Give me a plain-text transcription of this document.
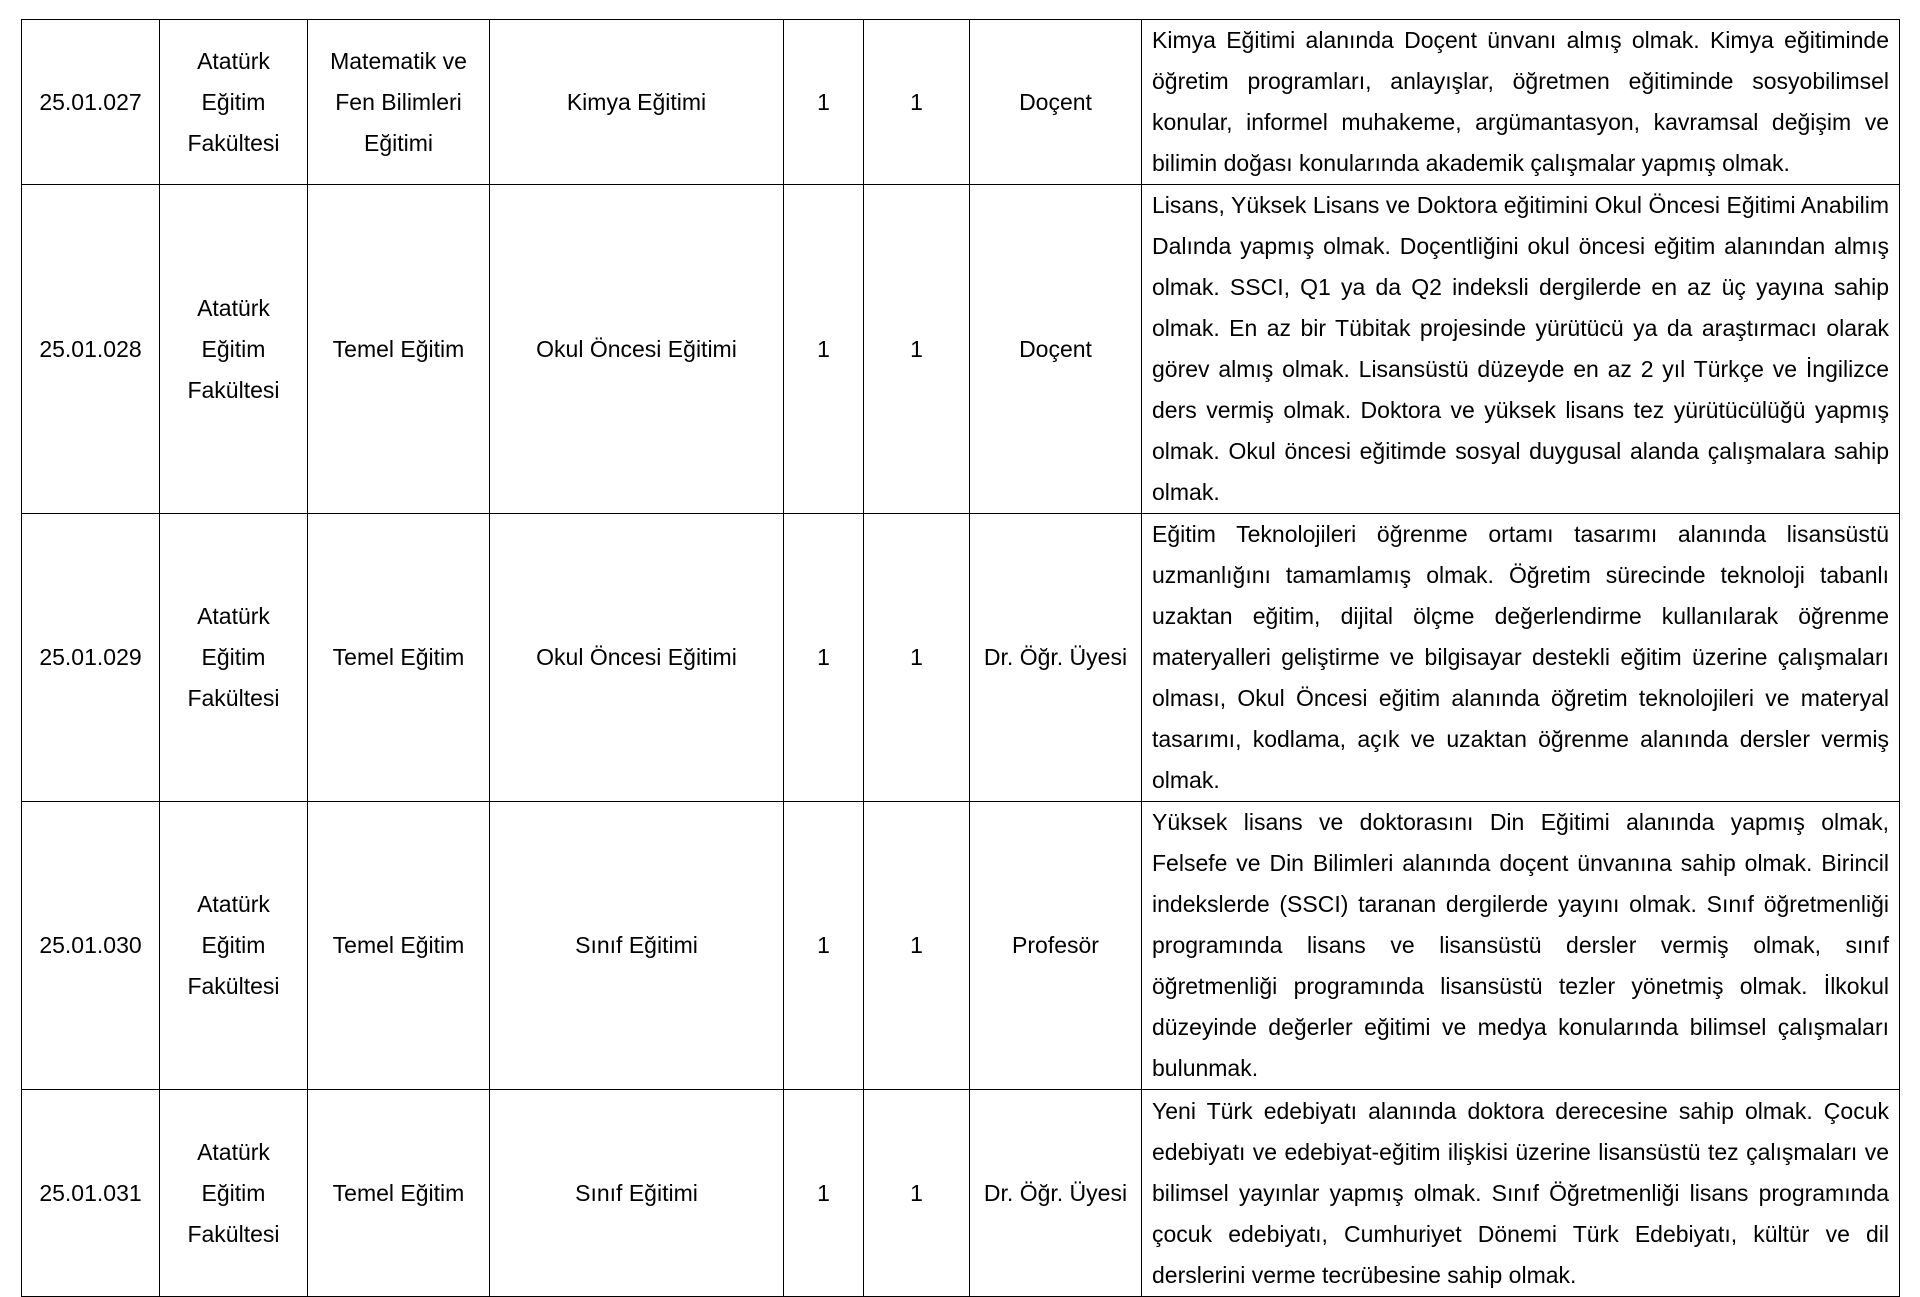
25.01.027	Atatürk Eğitim Fakültesi	Matematik ve Fen Bilimleri Eğitimi	Kimya Eğitimi	1	1	Doçent	Kimya Eğitimi alanında Doçent ünvanı almış olmak. Kimya eğitiminde öğretim programları, anlayışlar, öğretmen eğitiminde sosyobilimsel konular, informel muhakeme, argümantasyon, kavramsal değişim ve bilimin doğası konularında akademik çalışmalar yapmış olmak.
25.01.028	Atatürk Eğitim Fakültesi	Temel Eğitim	Okul Öncesi Eğitimi	1	1	Doçent	Lisans, Yüksek Lisans ve Doktora eğitimini Okul Öncesi Eğitimi Anabilim Dalında yapmış olmak. Doçentliğini okul öncesi eğitim alanından almış olmak. SSCI, Q1 ya da Q2 indeksli dergilerde en az üç yayına sahip olmak. En az bir Tübitak projesinde yürütücü ya da araştırmacı olarak görev almış olmak. Lisansüstü düzeyde en az 2 yıl Türkçe ve İngilizce ders vermiş olmak. Doktora ve yüksek lisans tez yürütücülüğü yapmış olmak. Okul öncesi eğitimde sosyal duygusal alanda çalışmalara sahip olmak.
25.01.029	Atatürk Eğitim Fakültesi	Temel Eğitim	Okul Öncesi Eğitimi	1	1	Dr. Öğr. Üyesi	Eğitim Teknolojileri öğrenme ortamı tasarımı alanında lisansüstü uzmanlığını tamamlamış olmak. Öğretim sürecinde teknoloji tabanlı uzaktan eğitim, dijital ölçme değerlendirme kullanılarak öğrenme materyalleri geliştirme ve bilgisayar destekli eğitim üzerine çalışmaları olması, Okul Öncesi eğitim alanında öğretim teknolojileri ve materyal tasarımı, kodlama, açık ve uzaktan öğrenme alanında dersler vermiş olmak.
25.01.030	Atatürk Eğitim Fakültesi	Temel Eğitim	Sınıf Eğitimi	1	1	Profesör	Yüksek lisans ve doktorasını Din Eğitimi alanında yapmış olmak, Felsefe ve Din Bilimleri alanında doçent ünvanına sahip olmak. Birincil indekslerde (SSCI) taranan dergilerde yayını olmak. Sınıf öğretmenliği programında lisans ve lisansüstü dersler vermiş olmak, sınıf öğretmenliği programında lisansüstü tezler yönetmiş olmak. İlkokul düzeyinde değerler eğitimi ve medya konularında bilimsel çalışmaları bulunmak.
25.01.031	Atatürk Eğitim Fakültesi	Temel Eğitim	Sınıf Eğitimi	1	1	Dr. Öğr. Üyesi	Yeni Türk edebiyatı alanında doktora derecesine sahip olmak. Çocuk edebiyatı ve edebiyat-eğitim ilişkisi üzerine lisansüstü tez çalışmaları ve bilimsel yayınlar yapmış olmak. Sınıf Öğretmenliği lisans programında çocuk edebiyatı, Cumhuriyet Dönemi Türk Edebiyatı, kültür ve dil derslerini verme tecrübesine sahip olmak.
